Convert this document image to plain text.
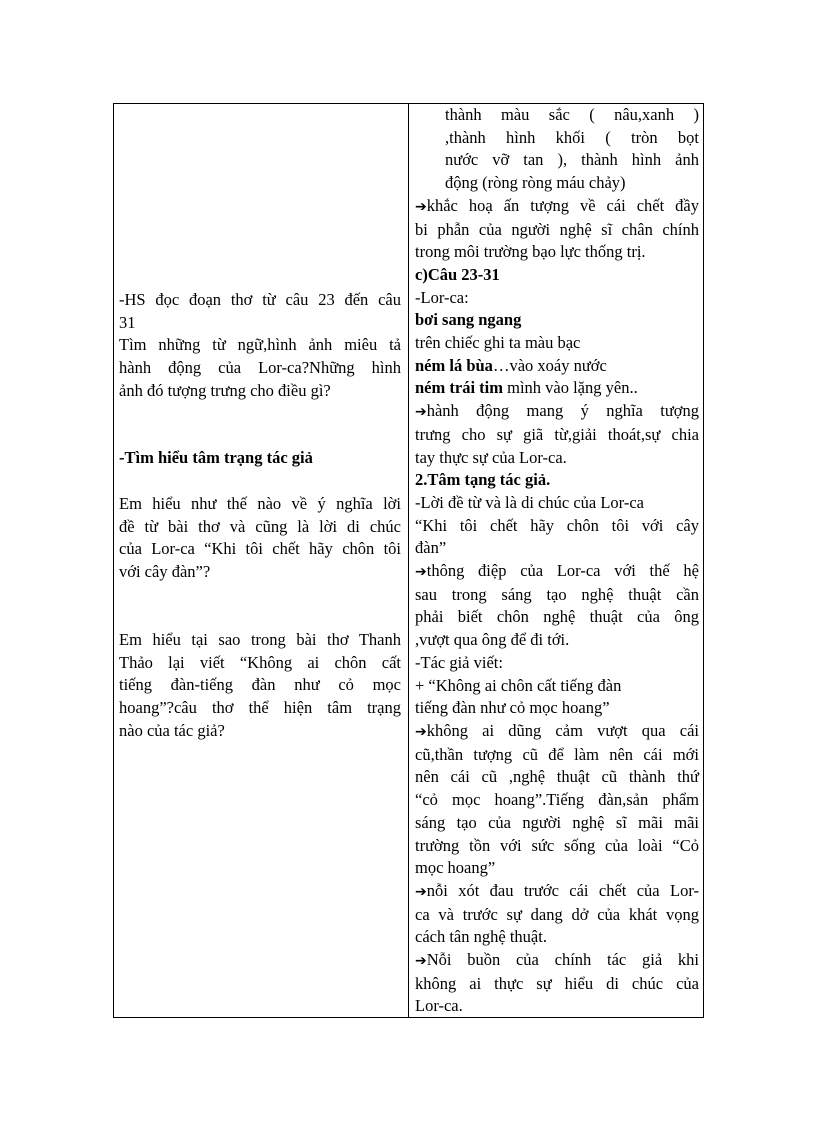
-HS đọc đoạn thơ từ câu 23 đến câu
31
Tìm những từ ngữ,hình ảnh miêu tả
hành động của Lor-ca?Những hình
ảnh đó tượng trưng cho điều gì?
-Tìm hiểu tâm trạng tác giả
Em hiểu như thế nào về ý nghĩa lời
đề từ bài thơ và cũng là lời di chúc
của Lor-ca “Khi tôi chết hãy chôn tôi
với cây đàn”?
Em hiểu tại sao trong bài thơ Thanh
Thảo lại viết “Không ai chôn cất
tiếng đàn-tiếng đàn như cỏ mọc
hoang”?câu thơ thể hiện tâm trạng
nào của tác giả?
thành màu sắc ( nâu,xanh )
,thành hình khối ( tròn bọt
nước vỡ tan ), thành hình ảnh
động (ròng ròng máu chảy)
➔khắc hoạ ấn tượng về cái chết đầy
bi phẫn của người nghệ sĩ chân chính
trong môi trường bạo lực thống trị.
c)Câu 23-31
-Lor-ca:
bơi sang ngang
trên chiếc ghi ta màu bạc
ném lá bùa…vào xoáy nước
ném trái tim mình vào lặng yên..
➔hành động mang ý nghĩa tượng
trưng cho sự giã từ,giải thoát,sự chia
tay thực sự của Lor-ca.
2.Tâm tạng tác giả.
-Lời đề từ và là di chúc của Lor-ca
“Khi tôi chết hãy chôn tôi với cây
đàn”
➔thông điệp của Lor-ca với thế hệ
sau trong sáng tạo nghệ thuật cần
phải biết chôn nghệ thuật của ông
,vượt qua ông để đi tới.
-Tác giả viết:
+ “Không ai chôn cất tiếng đàn
tiếng đàn như cỏ mọc hoang”
➔không ai dũng cảm vượt qua cái
cũ,thần tượng cũ để làm nên cái mới
nên cái cũ ,nghệ thuật cũ thành thứ
“cỏ mọc hoang”.Tiếng đàn,sản phẩm
sáng tạo của người nghệ sĩ mãi mãi
trường tồn với sức sống của loài “Cỏ
mọc hoang”
➔nỗi xót đau trước cái chết của Lor-
ca và trước sự dang dở của khát vọng
cách tân nghệ thuật.
➔Nỗi buồn của chính tác giả khi
không ai thực sự hiểu di chúc của
Lor-ca.
